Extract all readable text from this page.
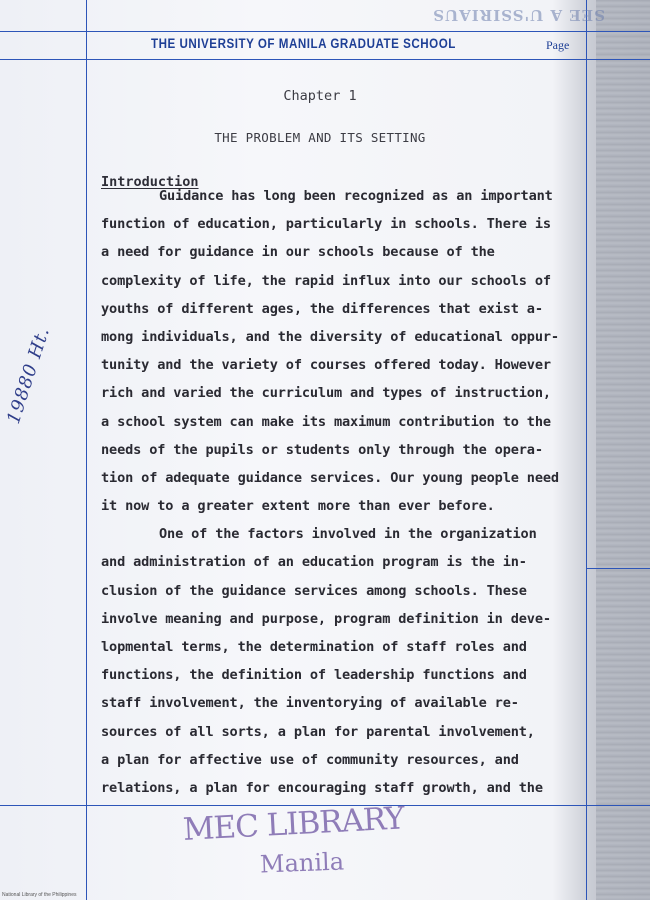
SEE A U'SSIRIAUS
THE UNIVERSITY OF MANILA GRADUATE SCHOOL	Page
Chapter 1
THE PROBLEM AND ITS SETTING
Introduction
Guidance has long been recognized as an important
function of education, particularly in schools. There is
a need for guidance in our schools because of the
complexity of life, the rapid influx into our schools of
youths of different ages, the differences that exist a-
mong individuals, and the diversity of educational oppur-
tunity and the variety of courses offered today. However
rich and varied the curriculum and types of instruction,
a school system can make its maximum contribution to the
needs of the pupils or students only through the opera-
tion of adequate guidance services. Our young people need
it now to a greater extent more than ever before.
One of the factors involved in the organization
and administration of an education program is the in-
clusion of the guidance services among schools. These
involve meaning and purpose, program definition in deve-
lopmental terms, the determination of staff roles and
functions, the definition of leadership functions and
staff involvement, the inventorying of available re-
sources of all sorts, a plan for parental involvement,
a plan for affective use of community resources, and
relations, a plan for encouraging staff growth, and the
19880 Ht.
MEC LIBRARY
Manila
National Library of the Philippines
